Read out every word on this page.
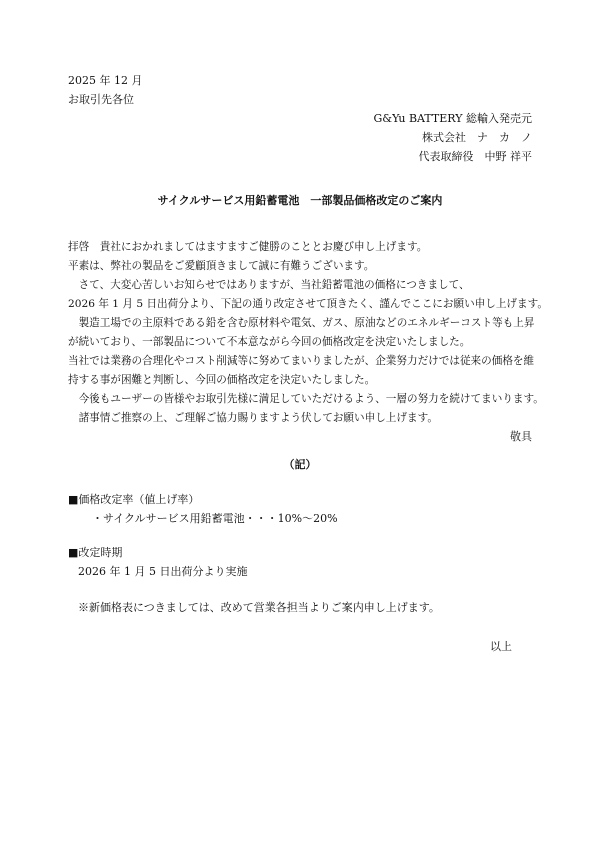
2025 年 12 月
お取引先各位
G&Yu BATTERY 総輸入発売元
株式会社　ナ　カ　ノ
代表取締役　中野 祥平
サイクルサービス用鉛蓄電池　一部製品価格改定のご案内
拝啓　貴社におかれましてはますますご健勝のこととお慶び申し上げます。
平素は、弊社の製品をご愛顧頂きまして誠に有難うございます。
　さて、大変心苦しいお知らせではありますが、当社鉛蓄電池の価格につきまして、
2026 年 1 月 5 日出荷分より、下記の通り改定させて頂きたく、謹んでここにお願い申し上げます。
　製造工場での主原料である鉛を含む原材料や電気、ガス、原油などのエネルギーコスト等も上昇
が続いており、一部製品について不本意ながら今回の価格改定を決定いたしました。
当社では業務の合理化やコスト削減等に努めてまいりましたが、企業努力だけでは従来の価格を維
持する事が困難と判断し、今回の価格改定を決定いたしました。
　今後もユーザーの皆様やお取引先様に満足していただけるよう、一層の努力を続けてまいります。
　諸事情ご推察の上、ご理解ご協力賜りますよう伏してお願い申し上げます。
敬具
（記）
■価格改定率（値上げ率）
・サイクルサービス用鉛蓄電池・・・10%～20%
■改定時期
2026 年 1 月 5 日出荷分より実施
※新価格表につきましては、改めて営業各担当よりご案内申し上げます。
以上
